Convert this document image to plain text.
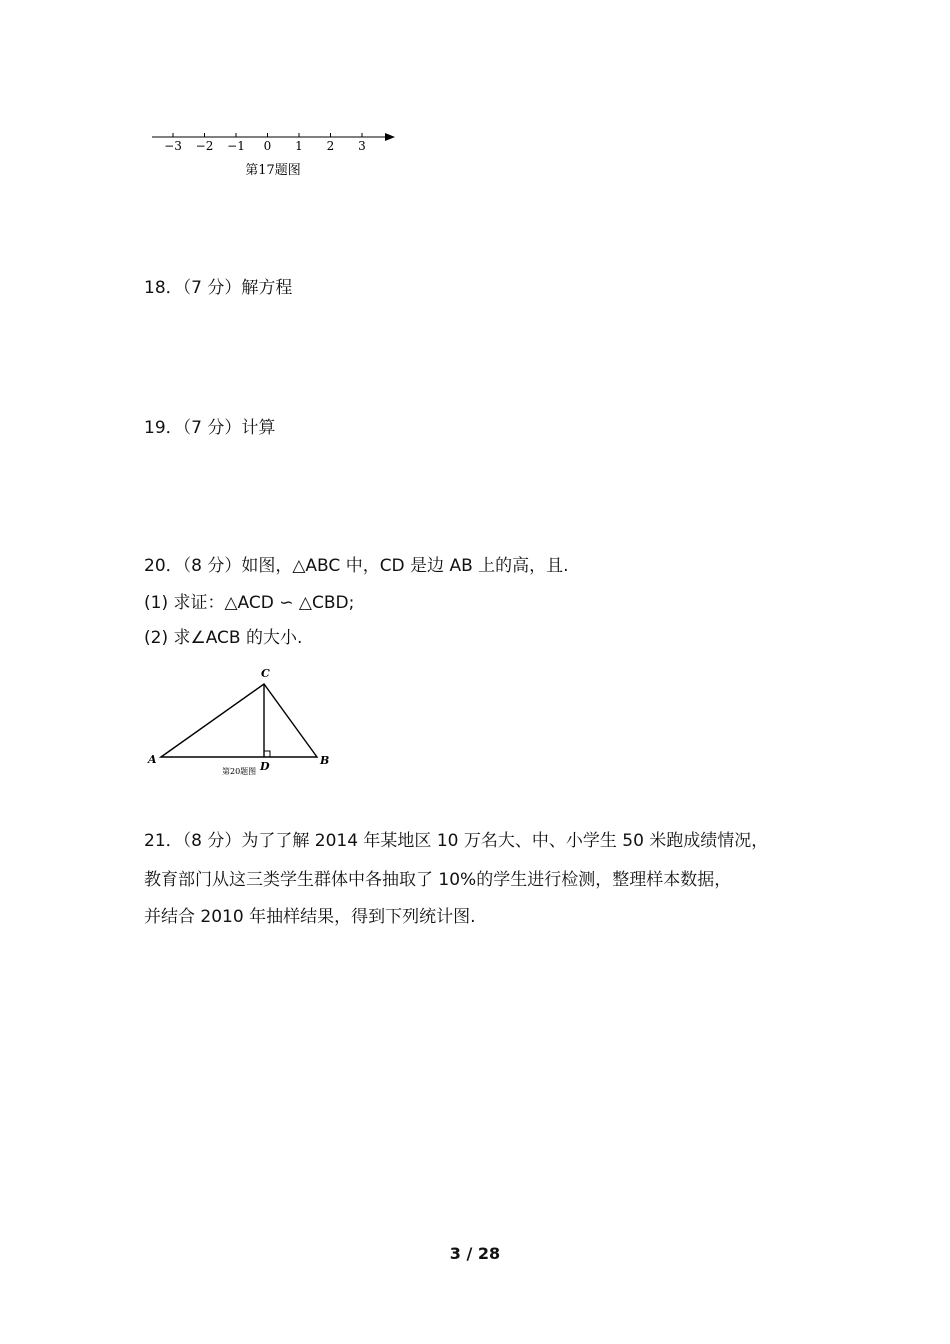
−3 −2 −1 0 1 2 3
第17题图
18．（7 分）解方程
19．（7 分）计算
20．（8 分）如图，△ABC 中，CD 是边 AB 上的高，且.
(1) 求证：△ACD ∽ △CBD;
(2) 求∠ACB 的大小.
A	B
C
D
第20题图
21．（8 分）为了了解 2014 年某地区 10 万名大、中、小学生 50 米跑成绩情况，
教育部门从这三类学生群体中各抽取了 10%的学生进行检测，整理样本数据，
并结合 2010 年抽样结果，得到下列统计图.
3 / 28
